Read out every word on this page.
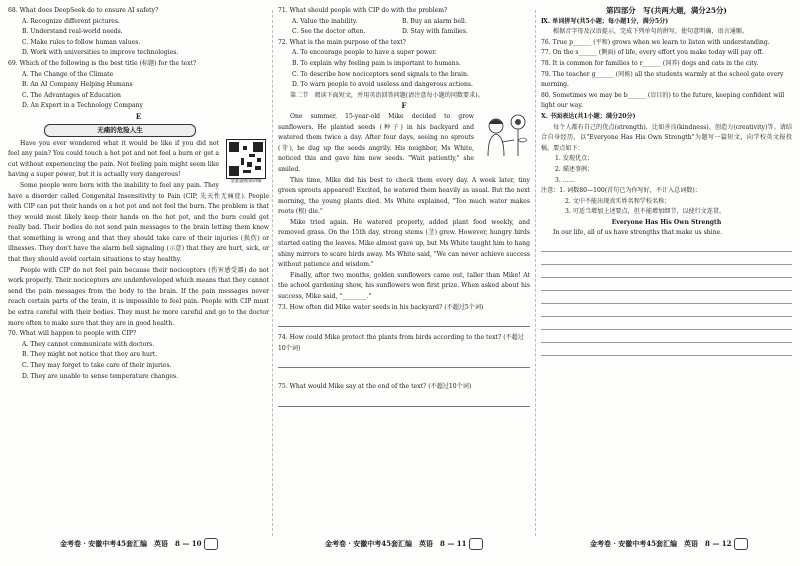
68. What does DeepSeek do to ensure AI safety?
A. Recognize different pictures.
B. Understand real-world needs.
C. Make rules to follow human values.
D. Work with universities to improve technologies.
69. Which of the following is the best title (标题) for the text?
A. The Change of the Climate
B. An AI Company Helping Humans
C. The Advantages of Education
D. An Expert in a Technology Company
E
无痛的危险人生
金准题视频讲解
Have you ever wondered what it would be like if you did not feel any pain? You could touch a hot pot and not feel a burn or get a cut without experiencing the pain. Not feeling pain might seem like having a super power, but it is actually very dangerous!
Some people were born with the inability to feel any pain. They have a disorder called Congenital Insensitivity to Pain (CIP, 先天性无痛症). People with CIP can put their hands on a hot pot and not feel the burn. The problem is that they would most likely keep their hands on the hot pot, and the burn could get really bad. Their bodies do not send pain messages to the brain letting them know that something is wrong and that they should take care of their injuries (损伤) or illnesses. They don't have the alarm bell signaling (示意) that they are hurt, sick, or that they should avoid certain situations to stay healthy.
People with CIP do not feel pain because their nociceptors (伤害感受器) do not work properly. Their nociceptors are underdeveloped which means that they cannot send the pain messages from the body to the brain. If the pain messages never reach certain parts of the brain, it is impossible to feel pain. People with CIP must be extra careful with their bodies. They must be more careful and go to the doctor more often to make sure that they are in good health.
70. What will happen to people with CIP?
A. They cannot communicate with doctors.
B. They might not notice that they are hurt.
C. They may forget to take care of their injuries.
D. They are unable to sense temperature changes.
71. What should people with CIP do with the problem?
A. Value the inability.	B. Buy an alarm bell.
C. See the doctor often.	D. Stay with families.
72. What is the main purpose of the text?
A. To encourage people to have a super power.
B. To explain why feeling pain is important to humans.
C. To describe how nociceptors send signals to the brain.
D. To warn people to avoid useless and dangerous actions.
第二节　阅读下面短文，并用英语回答问题(请注意每小题的问数要求)。
F
One summer, 15-year-old Mike decided to grow sunflowers. He planted seeds (种子) in his backyard and watered them twice a day. After four days, seeing no sprouts (芽), he dug up the seeds angrily. His neighbor, Ms White, noticed this and gave him new seeds. "Wait patiently," she smiled.
This time, Mike did his best to check them every day. A week later, tiny green sprouts appeared! Excited, he watered them heavily as usual. But the next morning, the young plants died. Ms White explained, "Too much water makes roots (根) die."
Mike tried again. He watered properly, added plant food weekly, and removed grass. On the 15th day, strong stems (茎) grew. However, hungry birds started eating the leaves. Mike almost gave up, but Ms White taught him to hang shiny mirrors to scare birds away. Ms White said, "We can never achieve success without patience and wisdom."
Finally, after two months, golden sunflowers came out, taller than Mike! At the school gardening show, his sunflowers won first prize. When asked about his success, Mike said, "________."
73. How often did Mike water seeds in his backyard? (不超过5个词)
74. How could Mike protect the plants from birds according to the text? (不超过10个词)
75. What would Mike say at the end of the text? (不超过10个词)
第四部分　写(共两大题，满分25分)
Ⅸ. 单词拼写(共5小题；每小题1分，满分5分)
根据音字母及汉语提示，完成下列单句的拼写，使句意明确，语言通顺。
76. True p______ (平和) grows when we learn to listen with understanding.
77. On the s______ (侧面) of life, every effort you make today will pay off.
78. It is common for families to r______ (饲养) dogs and cats in the city.
79. The teacher g______ (问候) all the students warmly at the school gate every morning.
80. Sometimes we may be b______ (盲目的) to the future, keeping confident will light our way.
X. 书面表达(共1小题；满分20分)
每个人都有自己的优点(strength)，比如善良(kindness)、创造力(creativity)等。请结合自身经历，以"Everyone Has His Own Strength"为题写一篇短文，向学校英文报投稿。要点如下：
1. 发现优点；
2. 描述事例；
3. ……
注意：1. 词数80—100(首句已为你写好，不计入总词数)；
2. 文中不能出现真实姓名和学校名称；
3. 可适当增加上述要点，但不能增加细节，以使行文连贯。
Everyone Has His Own Strength
In our life, all of us have strengths that make us shine.
金考卷 · 安徽中考45套汇编　英语　8 — 10	金考卷 · 安徽中考45套汇编　英语　8 — 11	金考卷 · 安徽中考45套汇编　英语　8 — 12
